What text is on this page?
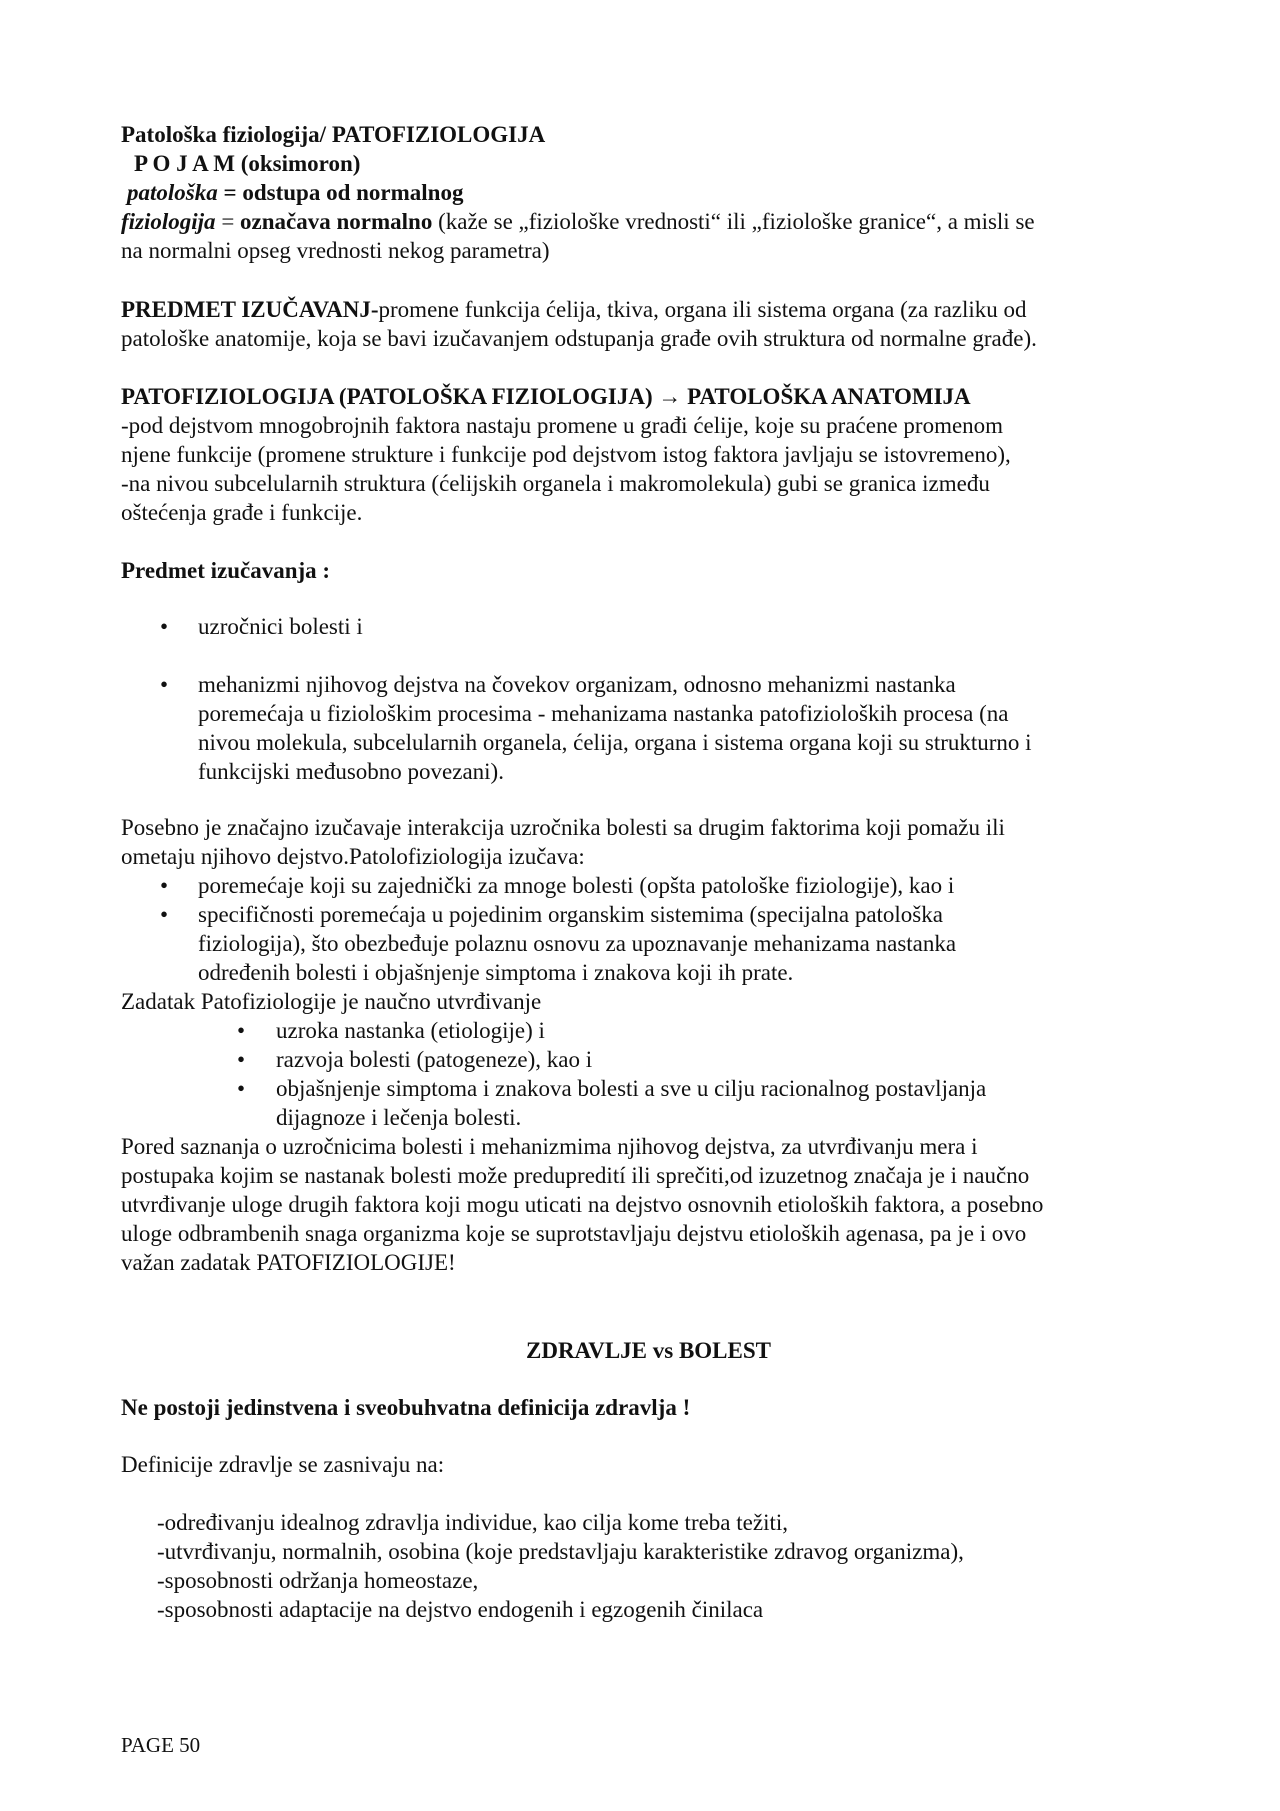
Patološka fiziologija/ PATOFIZIOLOGIJA
P O J A M (oksimoron)
patološka = odstupa od normalnog
fiziologija = označava normalno (kaže se „fiziološke vrednosti“ ili „fiziološke granice“, a misli se
na normalni opseg vrednosti nekog parametra)
PREDMET IZUČAVANJ-promene funkcija ćelija, tkiva, organa ili sistema organa (za razliku od
patološke anatomije, koja se bavi izučavanjem odstupanja građe ovih struktura od normalne građe).
PATOFIZIOLOGIJA (PATOLOŠKA FIZIOLOGIJA) → PATOLOŠKA ANATOMIJA
-pod dejstvom mnogobrojnih faktora nastaju promene u građi ćelije, koje su praćene promenom
njene funkcije (promene strukture i funkcije pod dejstvom istog faktora javljaju se istovremeno),
-na nivou subcelularnih struktura (ćelijskih organela i makromolekula) gubi se granica između
oštećenja građe i funkcije.
Predmet izučavanja :
• uzročnici bolesti i
• mehanizmi njihovog dejstva na čovekov organizam, odnosno mehanizmi nastanka
poremećaja u fiziološkim procesima - mehanizama nastanka patofizioloških procesa (na
nivou molekula, subcelularnih organela, ćelija, organa i sistema organa koji su strukturno i
funkcijski međusobno povezani).
Posebno je značajno izučavaje interakcija uzročnika bolesti sa drugim faktorima koji pomažu ili
ometaju njihovo dejstvo.Patolofiziologija izučava:
• poremećaje koji su zajednički za mnoge bolesti (opšta patološke fiziologije), kao i
• specifičnosti poremećaja u pojedinim organskim sistemima (specijalna patološka
fiziologija), što obezbeđuje polaznu osnovu za upoznavanje mehanizama nastanka
određenih bolesti i objašnjenje simptoma i znakova koji ih prate.
Zadatak Patofiziologije je naučno utvrđivanje
• uzroka nastanka (etiologije) i
• razvoja bolesti (patogeneze), kao i
• objašnjenje simptoma i znakova bolesti a sve u cilju racionalnog postavljanja
dijagnoze i lečenja bolesti.
Pored saznanja o uzročnicima bolesti i mehanizmima njihovog dejstva, za utvrđivanju mera i
postupaka kojim se nastanak bolesti može predupredití ili sprečiti,od izuzetnog značaja je i naučno
utvrđivanje uloge drugih faktora koji mogu uticati na dejstvo osnovnih etioloških faktora, a posebno
uloge odbrambenih snaga organizma koje se suprotstavljaju dejstvu etioloških agenasa, pa je i ovo
važan zadatak PATOFIZIOLOGIJE!
ZDRAVLJE vs BOLEST
Ne postoji jedinstvena i sveobuhvatna definicija zdravlja !
Definicije zdravlje se zasnivaju na:
-određivanju idealnog zdravlja individue, kao cilja kome treba težiti,
-utvrđivanju, normalnih, osobina (koje predstavljaju karakteristike zdravog organizma),
-sposobnosti održanja homeostaze,
-sposobnosti adaptacije na dejstvo endogenih i egzogenih činilaca
PAGE 50
